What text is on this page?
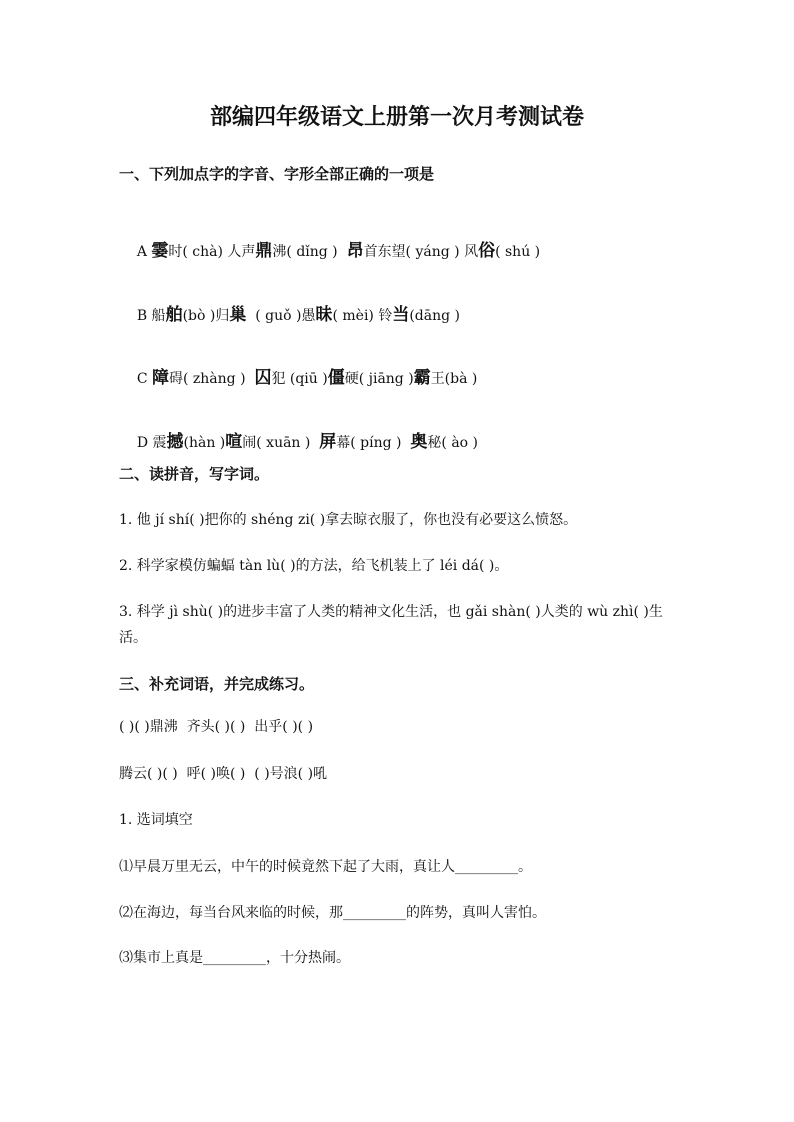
部编四年级语文上册第一次月考测试卷
一、下列加点字的字音、字形全部正确的一项是

A 霎时( chà) 人声鼎沸( dǐng )  昂首东望( yáng ) 风俗( shú )

B 船舶(bò )归巢  ( guǒ )愚昧( mèi) 铃当(dāng )

C 障碍( zhàng )  囚犯 (qiū )僵硬( jiāng )霸王(bà )

D 震撼(hàn )喧闹( xuān )  屏幕( píng )  奥秘( ào )

二、读拼音，写字词。
1. 他 jí shí( )把你的 shéng zi( )拿去晾衣服了，你也没有必要这么愤怒。
2. 科学家模仿蝙蝠 tàn lù( )的方法，给飞机装上了 léi dá( )。
3. 科学 jì shù( )的进步丰富了人类的精神文化生活，也 gǎi shàn( )人类的 wù zhì( )生活。
三、补充词语，并完成练习。
( )( )鼎沸  齐头( )( )  出乎( )( )
腾云( )( )  呼( )唤( )  ( )号浪( )吼
1. 选词填空
⑴早晨万里无云，中午的时候竟然下起了大雨，真让人_________。
⑵在海边，每当台风来临的时候，那_________的阵势，真叫人害怕。
⑶集市上真是_________，十分热闹。
